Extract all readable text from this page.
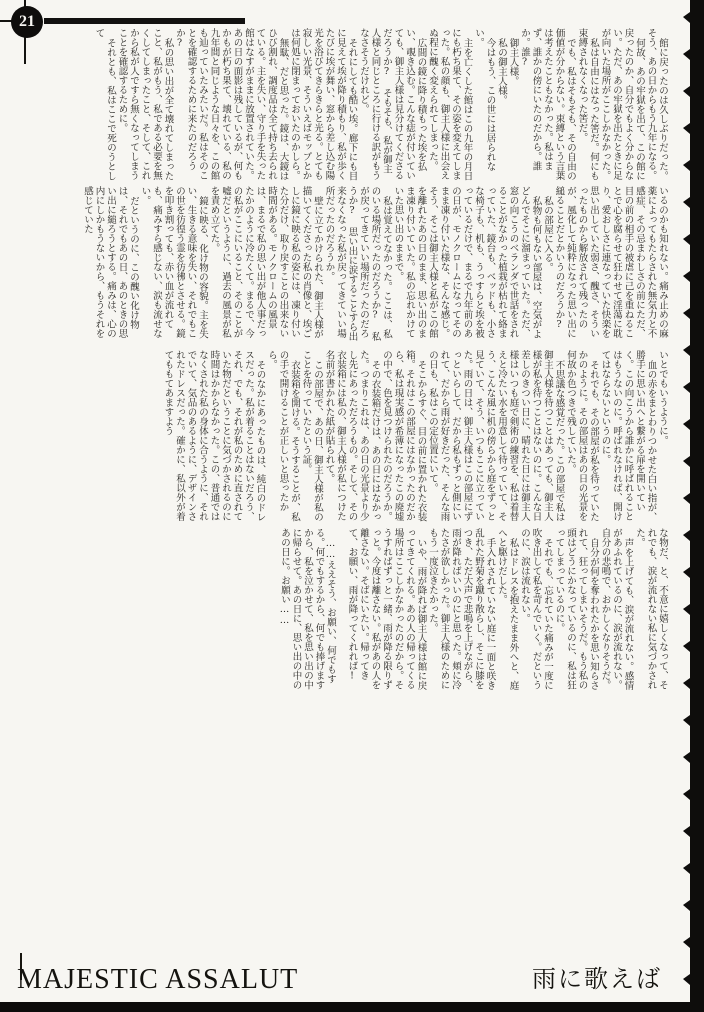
21

館に戻ったのは久しぶりだった。そう、あの日からもう九年になる。

何故、あの牢獄を出て、この館に戻ったのか、自分でもよく分からない。ただ、あの牢獄を出たときに足が向いた場所がここしかなかった。

私は自由にはなった筈だ。何にも束縛されなくなった筈だ。

でも、私はそもそも、その自由の価値が分からない。束縛という言葉は考えたこともなかった。私はまず、誰かの傍にいたのだから。誰か。誰?

御主人様。

私の御主人様。

今はもう、この世には居られない。

主を亡くした館はこの九年の月日にも朽ち果て、その姿を変えてしまった。私の顔も、御主人様に出会えぬ程に醜く変えられてしまった。

広間の鏡に降り積もった埃を払い、覗き込む。こんな痣が付いていても、御主人様は見分けてくださるだろうか? そもそも、私が御主人様と同じところに行ける訳がもうなさそうだけれど。

それにしても酷い埃。廊下にも目に見えて埃が降り積もり、私が歩くたびに埃が舞い、窓から差し込む陽光を浴びてきらきらと光る。とても寂しい光景、そういえばモップとかは何処に閉まっておいたのかしら。

無駄、だと思った。鏡は、大鏡はひび割れ、調度品は全て持ち去られている。主を失い、守り手を失った館はなすがままに放置されていた。あの日の面影は残しているが、何もかもが朽ち果て、壊れている、私の九年間と同じような日々を、この館も辿っていたみたいだ。私はそのことを確認するために来たのだろうか?

私の思い出が全て壊れてしまったこと、私がもう、私である必要を無くしてしまったこと、そして、これから私が人ですら無くなってしまうことを確認するために。

それとも、私はここで死のうとして

いるのかも知れない。痛み止めの麻薬によってもたらされた無気力と不感症、その忌まわしさの前にただ、目の前の相手の被虐に己を重ねることで心を腐らせて狂わせて淫蕩に耽り、愛おしさに連なっていた快楽を思い出していた弱さ、醜さ、そういったものから解放されて残ったのが、風化して純粋になった思い出に縋ることだとかいうのだろうか?

私の部屋に入る。

私物も何もない部屋は、空気がよどんでそこに溜まっていた。ただ、窓の向こうのベランダで世話をされることがなかった植栽が枯れて絡まっていた、鏡台も、ベッドも、小さな椅子も、机も、うっすらと埃を被っているだけで、まるで九年前のあの日が、モノクロームになってそのまま凍り付いた様な、そんな感じ。そう、そこは御主人様と私がこの館を離れたあの日のまま、思い出のまま凍り付いていた。私の忘れかけていた思い出のままで。

私は覚えてなかった。ここは、私のいる場所だったのだろうか? 私が戻ってきていい場所だったのだろうか? 思い出に涙することすら出来なくなった私が戻ってきていい場所だったのだろうか。

壁に立てかけられた、御主人様が描いてくださった私の肖像と、埃ごしに鏡に映る私の姿には、凍り付いた分だけ、取り戻すことの出来ない時間がある。モノクロームの風景は、まるで私の思い出が他人事だったかのように冷たくて。まるで、今の私がここにいること、そのことが嘘だというように、過去の風景が私を責め立てた。

鏡に映る、化け物の容貌。主を失い、生きる意味を失い、それでもこの世を彷徨う霊を彷彿とさせる。鏡を叩き割っても、赤い血が流れても、痛みすら感じない、涙も流せない。

だというのに、この醜い化け物は、それでもあの日、あのときの思い出に縋ろうとする。痛みは、心の内にしかもうないから、もうそれを感じていた

いとでもいうように。

血の赤をまとわりつかせた白い指が、勝手に思い出へと繋がる扉を開いていく。この向こうから誰かに呼ばれることはもうないのに。呼ばれなければ、開けてはならないというのに。

それでも、その部屋が私を待っていたかのように。その部屋はあの日の光景を何故か色つきで残していた。

不思議な感覚だった。この部屋で私は御主人様を待つことはあっても、御主人様が私を待つことはないのに。こんな日差しのきつい日に、晴れた日には御主人様はいつも庭で剣術の練習を、私は着替えと冷たい水を用意して待っていて、そう、こんな風に机の傍らから庭をずっと見ていて、そう、いつもここに立っていた。雨の日は、御主人様はこの部屋にずっといらして、だから私もずっと側にいれて、だから雨が好きだった、そんな雨の日も、私はこの定位置にいて。

そこからすぐ、目の前に置かれた衣装箱。それはこの部屋にはなかったのだから、私は現実感が希薄になったこの廃墟の中で、色を見つけられたのだろうか。

その衣装箱だけは、あの日にはなかった。つまりこれは、あの日の光景より少し先にあっただろうもの。そして、その衣装箱には私の、御主人様が私につけた名前が書かれた紙が貼られて。

この部屋で、あの日、御主人様が私のことを待っていたという証。

衣装箱を開ける。そうすることが、私の手で開けることが正しいと思ったから。

そのなかにあったものは、純白のドレスだった。私が着ることはないだろう、それ、でも、それが私のために直されていた物だということに気づかされるのに時間はかからなかった。この、普通ではなくされた私の身体に合うように、それでいて、気品のあるように、デザインされたドレスだった。確かに、私以外が着てももてあますよう

な物だ、と、不意に嬉しくなって、それでも、涙が流れない私に気づかされた。

声を上げても、涙が流れない。感情があふれているのに、涙が流れない。自分の悲鳴で、おかしくなりそうだ。

自分が何を奪われたかを思い知らされて、狂ってしまいそうだ。もう私の頭はどうにかなっているのに、私は狂ってしまっているのに。

それでも、忘れていた痛みが一度に吹き出して私を苛んでいく。だというのに、涙は流れない。

私はドレスを抱えたまま外へと、庭へと駆けだした。

手入れされていない庭に一面と咲き乱れた野菊を蹴り散らし、そこに膝をつき、ただ大声で悲鳴を上げながら、雨が降ればいいのにと思った。頬に冷たさが欲しかった。御主人様のためにもう一度泣きたかった。

いや、雨が降れば御主人様は館に戻ってきてくれる。あの人の帰ってくる場所はここしかなかったのだから。そうすればずっと一緒、雨が降る限りずっと。今度は離さない。私があの人を離さない。そばにいたい。帰ってきて、お願い、雨が降ってくれれば!

……ええそう、お願い、何でもする。何でもするから、何でも捧げますから、私を泣かせて、私を思い出の中に帰らせて。あの日に、思い出の中のあの日に。お願い……

MAJESTIC ASSALUT	雨に歌えば
